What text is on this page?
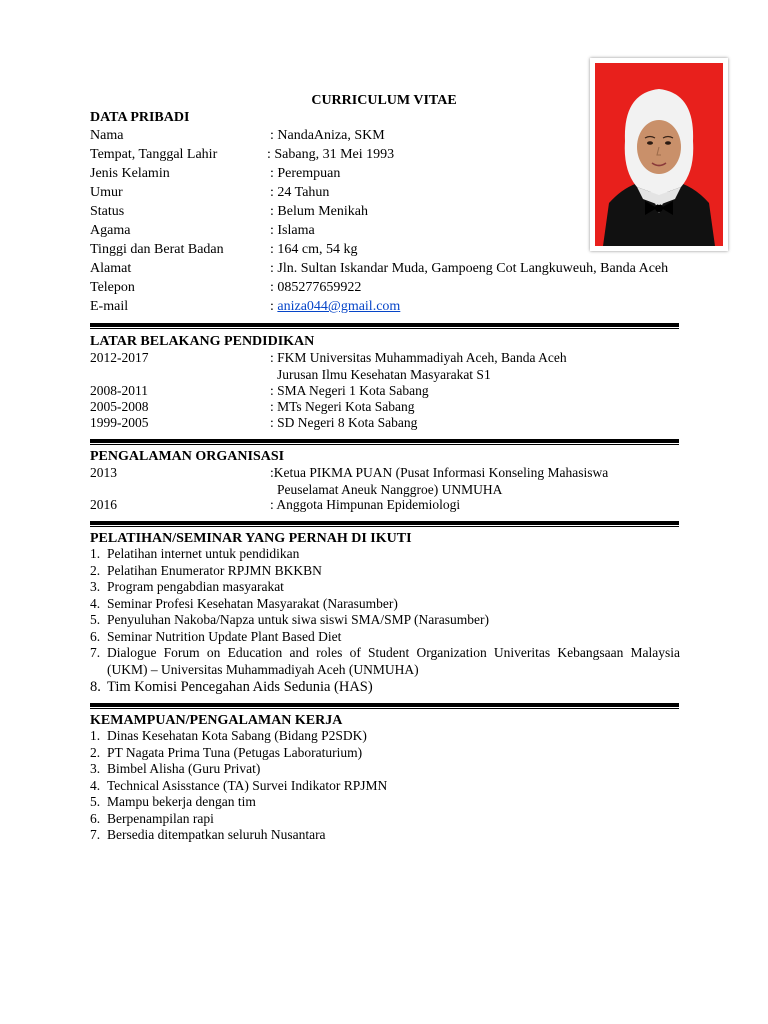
CURRICULUM VITAE
DATA PRIBADI
Nama	: NandaAniza, SKM
Tempat, Tanggal Lahir	: Sabang, 31 Mei 1993
Jenis Kelamin	: Perempuan
Umur	: 24 Tahun
Status	: Belum Menikah
Agama	: Islama
Tinggi dan Berat Badan	: 164 cm, 54 kg
Alamat	: Jln. Sultan Iskandar Muda, Gampoeng Cot Langkuweuh, Banda Aceh
Telepon	: 085277659922
E-mail	: aniza044@gmail.com
LATAR BELAKANG PENDIDIKAN
2012-2017	: FKM Universitas Muhammadiyah Aceh, Banda Aceh
Jurusan Ilmu Kesehatan Masyarakat S1
2008-2011	: SMA Negeri 1 Kota Sabang
2005-2008	: MTs Negeri Kota Sabang
1999-2005	: SD Negeri 8 Kota Sabang
PENGALAMAN ORGANISASI
2013	:Ketua PIKMA PUAN (Pusat Informasi Konseling Mahasiswa
Peuselamat Aneuk Nanggroe) UNMUHA
2016	: Anggota Himpunan Epidemiologi
PELATIHAN/SEMINAR YANG PERNAH DI IKUTI
1. Pelatihan internet untuk pendidikan
2. Pelatihan Enumerator RPJMN BKKBN
3. Program pengabdian masyarakat
4. Seminar Profesi Kesehatan Masyarakat (Narasumber)
5. Penyuluhan Nakoba/Napza untuk siwa siswi SMA/SMP (Narasumber)
6. Seminar Nutrition Update Plant Based Diet
7. Dialogue Forum on Education and roles of Student Organization Univeritas Kebangsaan Malaysia (UKM) – Universitas Muhammadiyah Aceh (UNMUHA)
8. Tim Komisi Pencegahan Aids Sedunia (HAS)
KEMAMPUAN/PENGALAMAN KERJA
1. Dinas Kesehatan Kota Sabang (Bidang P2SDK)
2. PT Nagata Prima Tuna (Petugas Laboraturium)
3. Bimbel Alisha (Guru Privat)
4. Technical Asisstance (TA) Survei Indikator RPJMN
5. Mampu bekerja dengan tim
6. Berpenampilan rapi
7. Bersedia ditempatkan seluruh Nusantara
